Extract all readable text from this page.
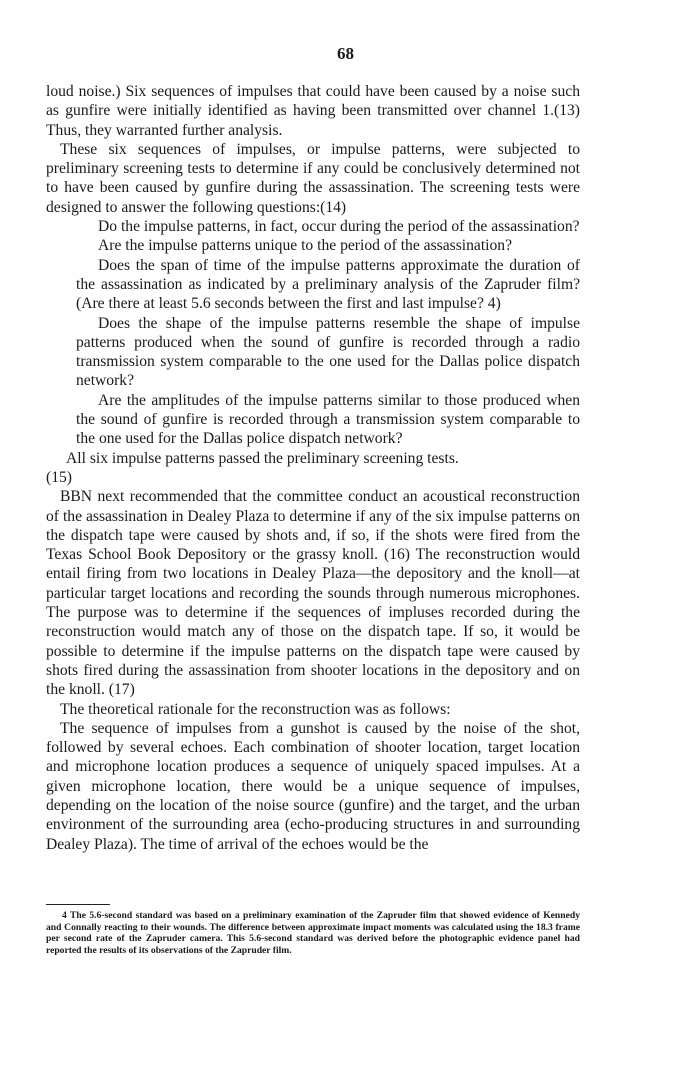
68

loud noise.) Six sequences of impulses that could have been caused by a noise such as gunfire were initially identified as having been transmitted over channel 1.(13) Thus, they warranted further analysis.

These six sequences of impulses, or impulse patterns, were subjected to preliminary screening tests to determine if any could be conclusively determined not to have been caused by gunfire during the assassination. The screening tests were designed to answer the following questions:(14)

Do the impulse patterns, in fact, occur during the period of the assassination?

Are the impulse patterns unique to the period of the assassination?

Does the span of time of the impulse patterns approximate the duration of the assassination as indicated by a preliminary analysis of the Zapruder film? (Are there at least 5.6 seconds between the first and last impulse? 4)

Does the shape of the impulse patterns resemble the shape of impulse patterns produced when the sound of gunfire is recorded through a radio transmission system comparable to the one used for the Dallas police dispatch network?

Are the amplitudes of the impulse patterns similar to those produced when the sound of gunfire is recorded through a transmission system comparable to the one used for the Dallas police dispatch network?

All six impulse patterns passed the preliminary screening tests.

(15)

BBN next recommended that the committee conduct an acoustical reconstruction of the assassination in Dealey Plaza to determine if any of the six impulse patterns on the dispatch tape were caused by shots and, if so, if the shots were fired from the Texas School Book Depository or the grassy knoll. (16) The reconstruction would entail firing from two locations in Dealey Plaza—the depository and the knoll—at particular target locations and recording the sounds through numerous microphones. The purpose was to determine if the sequences of impluses recorded during the reconstruction would match any of those on the dispatch tape. If so, it would be possible to determine if the impulse patterns on the dispatch tape were caused by shots fired during the assassination from shooter locations in the depository and on the knoll. (17)

The theoretical rationale for the reconstruction was as follows:

The sequence of impulses from a gunshot is caused by the noise of the shot, followed by several echoes. Each combination of shooter location, target location and microphone location produces a sequence of uniquely spaced impulses. At a given microphone location, there would be a unique sequence of impulses, depending on the location of the noise source (gunfire) and the target, and the urban environment of the surrounding area (echo-producing structures in and surrounding Dealey Plaza). The time of arrival of the echoes would be the

4 The 5.6-second standard was based on a preliminary examination of the Zapruder film that showed evidence of Kennedy and Connally reacting to their wounds. The difference between approximate impact moments was calculated using the 18.3 frame per second rate of the Zapruder camera. This 5.6-second standard was derived before the photographic evidence panel had reported the results of its observations of the Zapruder film.
